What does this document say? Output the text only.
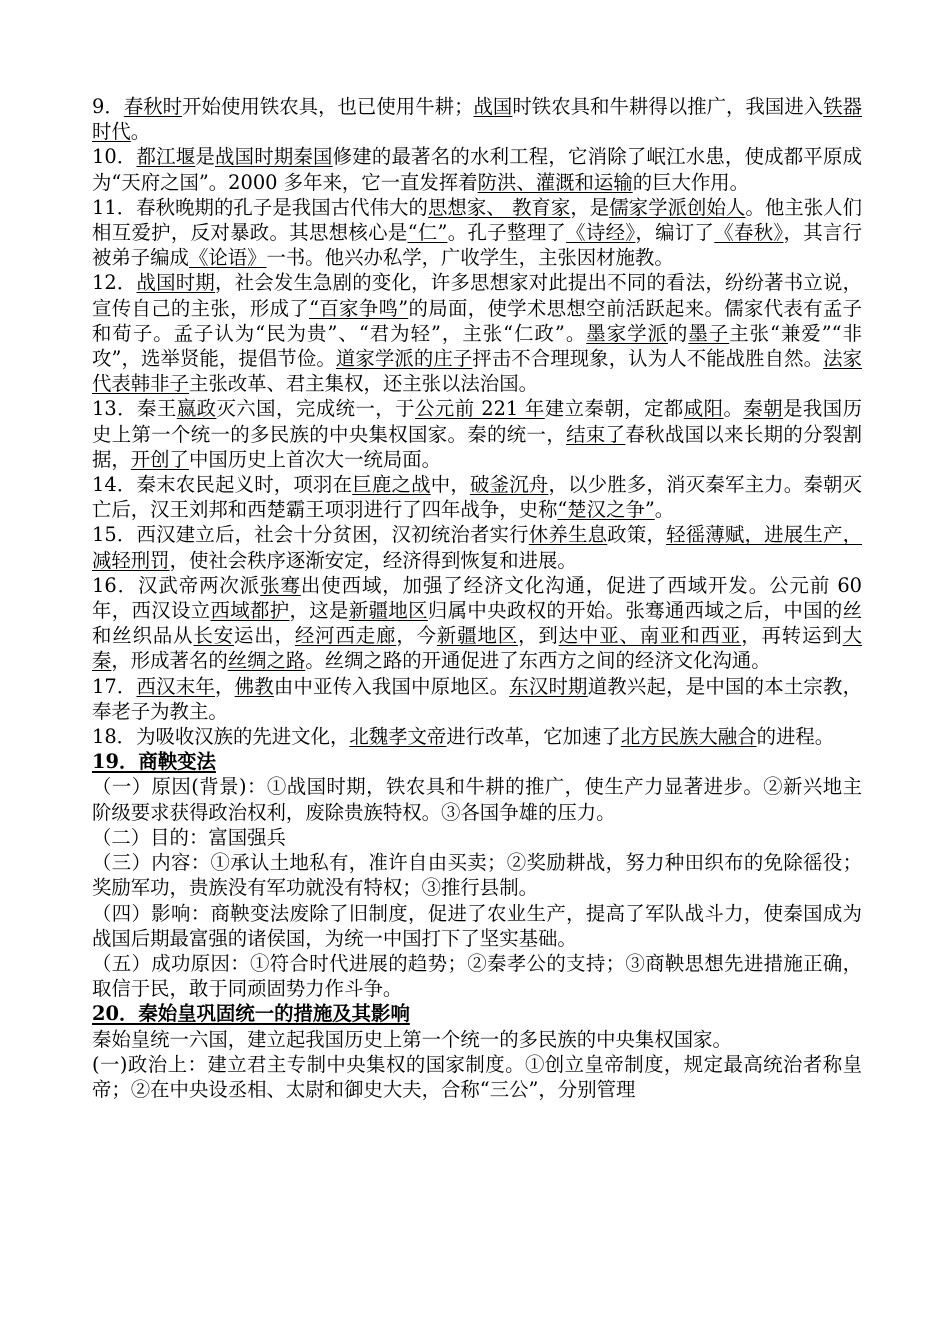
9．春秋时开始使用铁农具，也已使用牛耕；战国时铁农具和牛耕得以推广，我国进入铁器时代。

10．都江堰是战国时期秦国修建的最著名的水利工程，它消除了岷江水患，使成都平原成为“天府之国”。2000 多年来，它一直发挥着防洪、灌溉和运输的巨大作用。

11．春秋晚期的孔子是我国古代伟大的思想家、 教育家，是儒家学派创始人。他主张人们相互爱护，反对暴政。其思想核心是“仁”。孔子整理了《诗经》，编订了《春秋》，其言行被弟子编成《论语》一书。他兴办私学，广收学生，主张因材施教。

12．战国时期，社会发生急剧的变化，许多思想家对此提出不同的看法，纷纷著书立说，宣传自己的主张，形成了“百家争鸣”的局面，使学术思想空前活跃起来。儒家代表有孟子和荀子。孟子认为“民为贵”、“君为轻”，主张“仁政”。墨家学派的墨子主张“兼爱”“非攻”，选举贤能，提倡节俭。道家学派的庄子抨击不合理现象，认为人不能战胜自然。法家代表韩非子主张改革、君主集权，还主张以法治国。

13．秦王嬴政灭六国，完成统一，于公元前 221 年建立秦朝，定都咸阳。秦朝是我国历史上第一个统一的多民族的中央集权国家。秦的统一，结束了春秋战国以来长期的分裂割据，开创了中国历史上首次大一统局面。

14．秦末农民起义时，项羽在巨鹿之战中，破釜沉舟，以少胜多，消灭秦军主力。秦朝灭亡后，汉王刘邦和西楚霸王项羽进行了四年战争，史称“楚汉之争”。

15．西汉建立后，社会十分贫困，汉初统治者实行休养生息政策，轻徭薄赋，进展生产，减轻刑罚，使社会秩序逐渐安定，经济得到恢复和进展。

16．汉武帝两次派张骞出使西域，加强了经济文化沟通，促进了西域开发。公元前 60 年，西汉设立西域都护，这是新疆地区归属中央政权的开始。张骞通西域之后，中国的丝和丝织品从长安运出，经河西走廊，今新疆地区，到达中亚、南亚和西亚，再转运到大秦，形成著名的丝绸之路。丝绸之路的开通促进了东西方之间的经济文化沟通。

17．西汉末年，佛教由中亚传入我国中原地区。东汉时期道教兴起，是中国的本土宗教，奉老子为教主。

18．为吸收汉族的先进文化，北魏孝文帝进行改革，它加速了北方民族大融合的进程。

19．商鞅变法

（一）原因(背景)：①战国时期，铁农具和牛耕的推广，使生产力显著进步。②新兴地主阶级要求获得政治权利，废除贵族特权。③各国争雄的压力。

（二）目的：富国强兵

（三）内容：①承认土地私有，准许自由买卖；②奖励耕战，努力种田织布的免除徭役；奖励军功，贵族没有军功就没有特权；③推行县制。

（四）影响：商鞅变法废除了旧制度，促进了农业生产，提高了军队战斗力，使秦国成为战国后期最富强的诸侯国，为统一中国打下了坚实基础。

（五）成功原因：①符合时代进展的趋势；②秦孝公的支持；③商鞅思想先进措施正确，取信于民，敢于同顽固势力作斗争。

20．秦始皇巩固统一的措施及其影响

秦始皇统一六国，建立起我国历史上第一个统一的多民族的中央集权国家。

(一)政治上：建立君主专制中央集权的国家制度。①创立皇帝制度，规定最高统治者称皇帝；②在中央设丞相、太尉和御史大夫，合称“三公”，分别管理
